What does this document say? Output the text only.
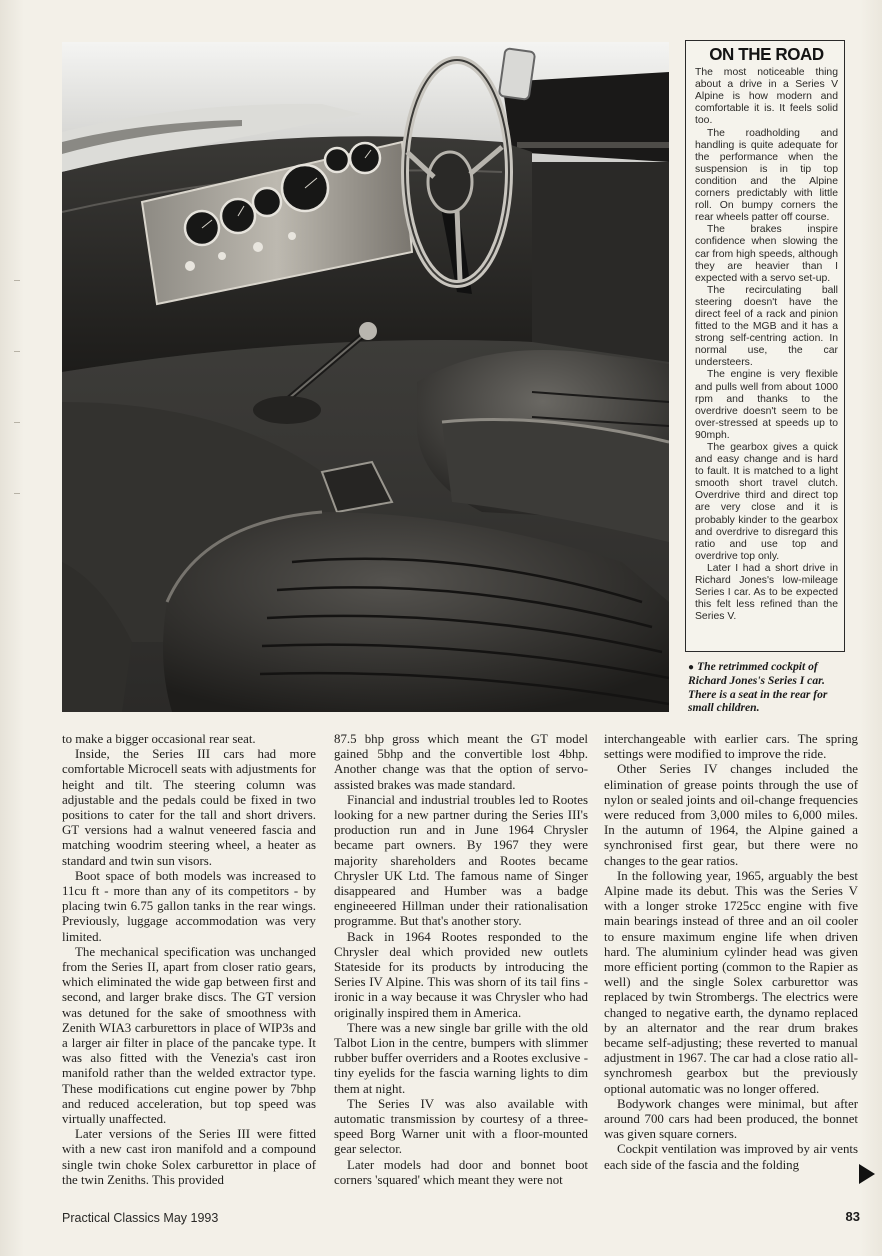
ON THE ROAD

The most noticeable thing about a drive in a Series V Alpine is how modern and comfortable it is. It feels solid too.

The roadholding and handling is quite adequate for the performance when the suspension is in tip top condition and the Alpine corners predictably with little roll. On bumpy corners the rear wheels patter off course.

The brakes inspire confidence when slowing the car from high speeds, although they are heavier than I expected with a servo set-up.

The recirculating ball steering doesn't have the direct feel of a rack and pinion fitted to the MGB and it has a strong self-centring action. In normal use, the car understeers.

The engine is very flexible and pulls well from about 1000 rpm and thanks to the overdrive doesn't seem to be over-stressed at speeds up to 90mph.

The gearbox gives a quick and easy change and is hard to fault. It is matched to a light smooth short travel clutch. Overdrive third and direct top are very close and it is probably kinder to the gearbox and overdrive to disregard this ratio and use top and overdrive top only.

Later I had a short drive in Richard Jones's low-mileage Series I car. As to be expected this felt less refined than the Series V.

● The retrimmed cockpit of Richard Jones's Series I car. There is a seat in the rear for small children.

to make a bigger occasional rear seat.

Inside, the Series III cars had more comfortable Microcell seats with adjustments for height and tilt. The steering column was adjustable and the pedals could be fixed in two positions to cater for the tall and short drivers. GT versions had a walnut veneered fascia and matching woodrim steering wheel, a heater as standard and twin sun visors.

Boot space of both models was increased to 11cu ft - more than any of its competitors - by placing twin 6.75 gallon tanks in the rear wings. Previously, luggage accommodation was very limited.

The mechanical specification was unchanged from the Series II, apart from closer ratio gears, which eliminated the wide gap between first and second, and larger brake discs. The GT version was detuned for the sake of smoothness with Zenith WIA3 carburettors in place of WIP3s and a larger air filter in place of the pancake type. It was also fitted with the Venezia's cast iron manifold rather than the welded extractor type. These modifications cut engine power by 7bhp and reduced acceleration, but top speed was virtually unaffected.

Later versions of the Series III were fitted with a new cast iron manifold and a compound single twin choke Solex carburettor in place of the twin Zeniths. This provided

87.5 bhp gross which meant the GT model gained 5bhp and the convertible lost 4bhp. Another change was that the option of servo-assisted brakes was made standard.

Financial and industrial troubles led to Rootes looking for a new partner during the Series III's production run and in June 1964 Chrysler became part owners. By 1967 they were majority shareholders and Rootes became Chrysler UK Ltd. The famous name of Singer disappeared and Humber was a badge engineeered Hillman under their rationalisation programme. But that's another story.

Back in 1964 Rootes responded to the Chrysler deal which provided new outlets Stateside for its products by introducing the Series IV Alpine. This was shorn of its tail fins - ironic in a way because it was Chrysler who had originally inspired them in America.

There was a new single bar grille with the old Talbot Lion in the centre, bumpers with slimmer rubber buffer overriders and a Rootes exclusive - tiny eyelids for the fascia warning lights to dim them at night.

The Series IV was also available with automatic transmission by courtesy of a three-speed Borg Warner unit with a floor-mounted gear selector.

Later models had door and bonnet boot corners 'squared' which meant they were not

interchangeable with earlier cars. The spring settings were modified to improve the ride.

Other Series IV changes included the elimination of grease points through the use of nylon or sealed joints and oil-change frequencies were reduced from 3,000 miles to 6,000 miles. In the autumn of 1964, the Alpine gained a synchronised first gear, but there were no changes to the gear ratios.

In the following year, 1965, arguably the best Alpine made its debut. This was the Series V with a longer stroke 1725cc engine with five main bearings instead of three and an oil cooler to ensure maximum engine life when driven hard. The aluminium cylinder head was given more efficient porting (common to the Rapier as well) and the single Solex carburettor was replaced by twin Strombergs. The electrics were changed to negative earth, the dynamo replaced by an alternator and the rear drum brakes became self-adjusting; these reverted to manual adjustment in 1967. The car had a close ratio all-synchromesh gearbox but the previously optional automatic was no longer offered.

Bodywork changes were minimal, but after around 700 cars had been produced, the bonnet was given square corners.

Cockpit ventilation was improved by air vents each side of the fascia and the folding

Practical Classics May 1993	83
